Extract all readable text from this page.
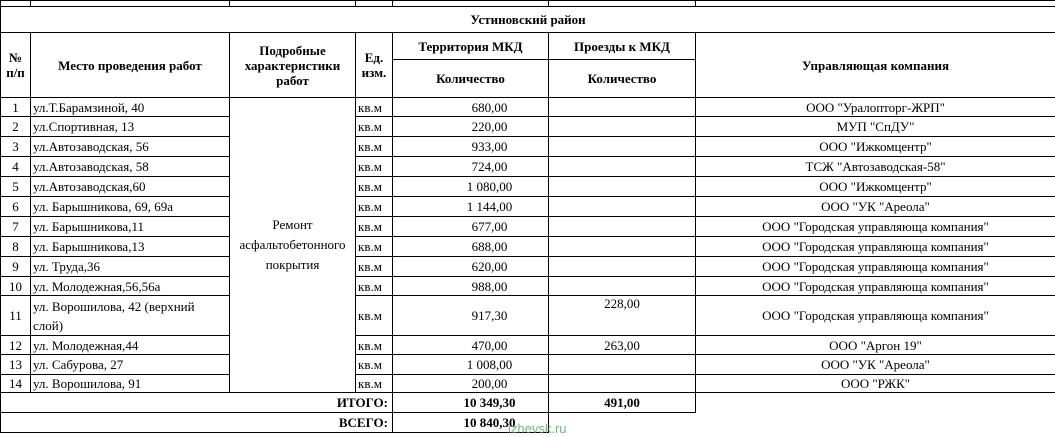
Устиновский район						
№ п/п	Место проведения работ	Подробные характеристики работ	Ед. изм.	Территория МКД	Проезды к МКД	Управляющая компания
				Количество	Количество	
1	ул.Т.Барамзиной, 40	Ремонт асфальтобетонного покрытия	кв.м	680,00		ООО "Уралопторг-ЖРП"
2	ул.Спортивная, 13		кв.м	220,00		МУП "СпДУ"
3	ул.Автозаводская, 56		кв.м	933,00		ООО "Ижкомцентр"
4	ул.Автозаводская, 58		кв.м	724,00		ТСЖ "Автозаводская-58"
5	ул.Автозаводская,60		кв.м	1 080,00		ООО "Ижкомцентр"
6	ул. Барышникова, 69, 69а		кв.м	1 144,00		ООО "УК "Ареола"
7	ул. Барышникова,11		кв.м	677,00		ООО "Городская управляюща компания"
8	ул. Барышникова,13		кв.м	688,00		ООО "Городская управляюща компания"
9	ул. Труда,36		кв.м	620,00		ООО "Городская управляюща компания"
10	ул. Молодежная,56,56а		кв.м	988,00		ООО "Городская управляюща компания"
11	ул. Ворошилова, 42 (верхний слой)		кв.м	917,30	228,00	ООО "Городская управляюща компания"
12	ул. Молодежная,44		кв.м	470,00	263,00	ООО "Аргон 19"
13	ул. Сабурова, 27		кв.м	1 008,00		ООО "УК "Ареола"
14	ул. Ворошилова, 91		кв.м	200,00		ООО "РЖК"
ИТОГО:				10 349,30	491,00	
ВСЕГО:				10 840,30		
izhevsk.ru
